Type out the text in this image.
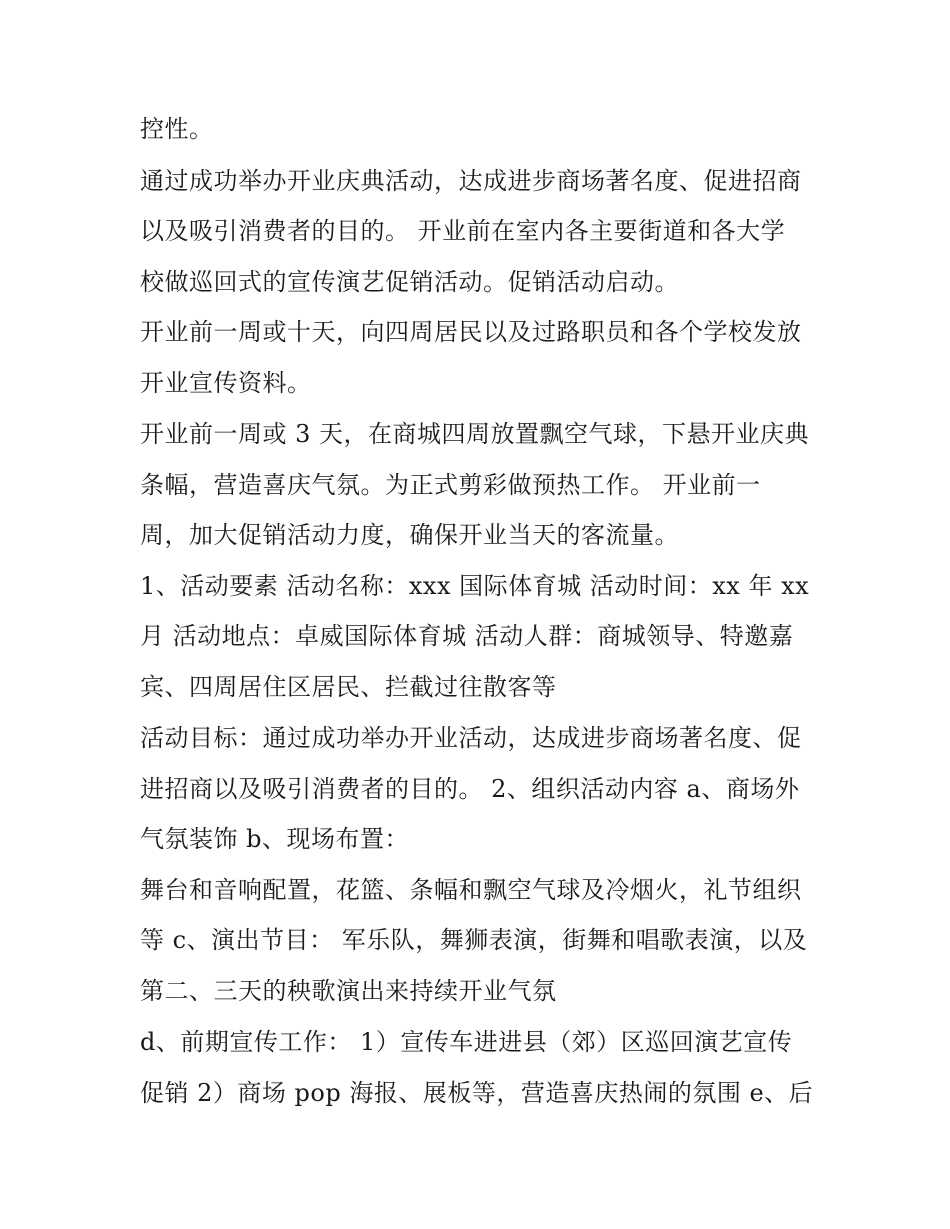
控性。
通过成功举办开业庆典活动，达成进步商场著名度、促进招商
以及吸引消费者的目的。 开业前在室内各主要街道和各大学
校做巡回式的宣传演艺促销活动。促销活动启动。
开业前一周或十天，向四周居民以及过路职员和各个学校发放
开业宣传资料。
开业前一周或 3 天，在商城四周放置飘空气球，下悬开业庆典
条幅，营造喜庆气氛。为正式剪彩做预热工作。 开业前一
周，加大促销活动力度，确保开业当天的客流量。
1、活动要素 活动名称：xxx 国际体育城 活动时间：xx 年 xx
月 活动地点：卓威国际体育城 活动人群：商城领导、特邀嘉
宾、四周居住区居民、拦截过往散客等
活动目标：通过成功举办开业活动，达成进步商场著名度、促
进招商以及吸引消费者的目的。 2、组织活动内容 a、商场外
气氛装饰 b、现场布置：
舞台和音响配置，花篮、条幅和飘空气球及冷烟火，礼节组织
等 c、演出节目： 军乐队，舞狮表演，街舞和唱歌表演，以及
第二、三天的秧歌演出来持续开业气氛
d、前期宣传工作： 1）宣传车进进县（郊）区巡回演艺宣传
促销 2）商场 pop 海报、展板等，营造喜庆热闹的氛围 e、后
